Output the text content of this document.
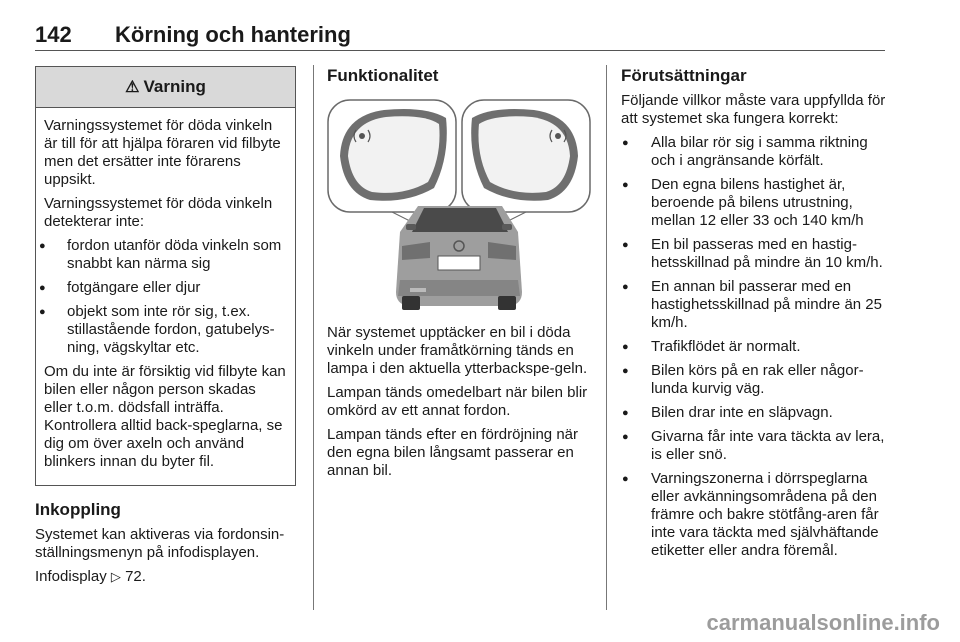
142 Körning och hantering
⚠ Varning

Varningssystemet för döda vinkeln är till för att hjälpa föraren vid filbyte men det ersätter inte förarens uppsikt.

Varningssystemet för döda vinkeln detekterar inte:

● fordon utanför döda vinkeln som snabbt kan närma sig
● fotgängare eller djur
● objekt som inte rör sig, t.ex. stillastående fordon, gatubelys-ning, vägskyltar etc.

Om du inte är försiktig vid filbyte kan bilen eller någon person skadas eller t.o.m. dödsfall inträffa. Kontrollera alltid back-speglarna, se dig om över axeln och använd blinkers innan du byter fil.

Inkoppling

Systemet kan aktiveras via fordonsin-ställningsmenyn på infodisplayen.

Infodisplay ▷ 72.

Funktionalitet

När systemet upptäcker en bil i döda vinkeln under framåtkörning tänds en lampa i den aktuella ytterbackspe-geln.

Lampan tänds omedelbart när bilen blir omkörd av ett annat fordon.

Lampan tänds efter en fördröjning när den egna bilen långsamt passerar en annan bil.

Förutsättningar

Följande villkor måste vara uppfyllda för att systemet ska fungera korrekt:

● Alla bilar rör sig i samma riktning och i angränsande körfält.
● Den egna bilens hastighet är, beroende på bilens utrustning, mellan 12 eller 33 och 140 km/h
● En bil passeras med en hastig-hetsskillnad på mindre än 10 km/h.
● En annan bil passerar med en hastighetsskillnad på mindre än 25 km/h.
● Trafikflödet är normalt.
● Bilen körs på en rak eller någor-lunda kurvig väg.
● Bilen drar inte en släpvagn.
● Givarna får inte vara täckta av lera, is eller snö.
● Varningszonerna i dörrspeglarna eller avkänningsområdena på den främre och bakre stötfång-aren får inte vara täckta med självhäftande etiketter eller andra föremål.
carmanualsonline.info
